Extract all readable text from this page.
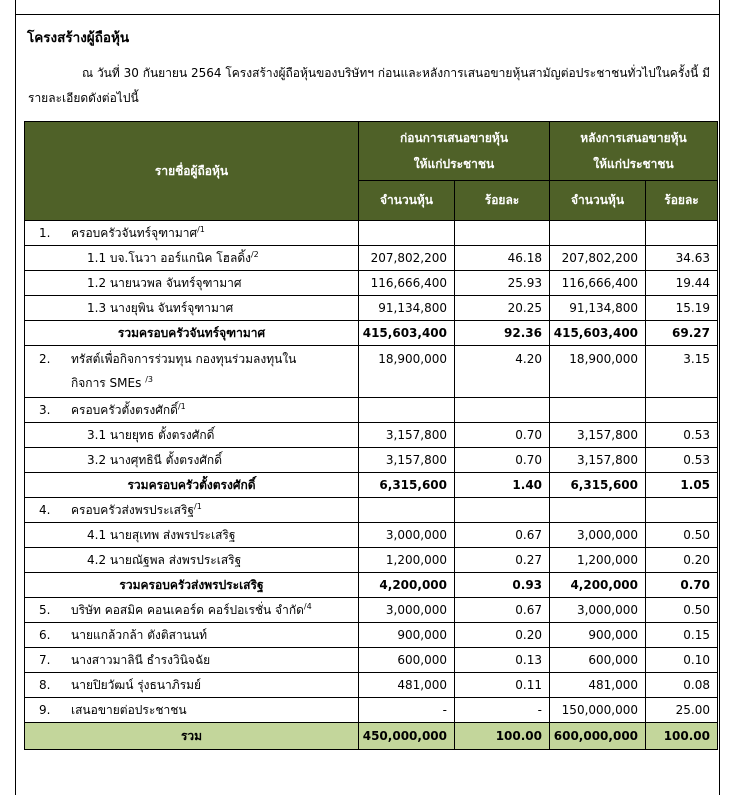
โครงสร้างผู้ถือหุ้น

ณ วันที่ 30 กันยายน 2564 โครงสร้างผู้ถือหุ้นของบริษัทฯ ก่อนและหลังการเสนอขายหุ้นสามัญต่อประชาชนทั่วไปในครั้งนี้ มีรายละเอียดดังต่อไปนี้

รายชื่อผู้ถือหุ้น	ก่อนการเสนอขายหุ้น
ให้แก่ประชาชน		หลังการเสนอขายหุ้น
ให้แก่ประชาชน	
	จำนวนหุ้น	ร้อยละ	จำนวนหุ้น	ร้อยละ
1. ครอบครัวจันทร์จุฑามาศ$^{/1}$				
1.1 บจ.โนวา ออร์แกนิค โฮลดิ้ง$^{/2}$	207,802,200	46.18	207,802,200	34.63
1.2 นายนวพล จันทร์จุฑามาศ	116,666,400	25.93	116,666,400	19.44
1.3 นางยุพิน จันทร์จุฑามาศ	91,134,800	20.25	91,134,800	15.19
รวมครอบครัวจันทร์จุฑามาศ	415,603,400	92.36	415,603,400	69.27
2. ทรัสต์เพื่อกิจการร่วมทุน กองทุนร่วมลงทุนใน
กิจการ SMEs $^{/3}$	18,900,000	4.20	18,900,000	3.15
3. ครอบครัวตั้งตรงศักดิ์$^{/1}$				
3.1 นายยุทธ ตั้งตรงศักดิ์	3,157,800	0.70	3,157,800	0.53
3.2 นางศุทธินี ตั้งตรงศักดิ์	3,157,800	0.70	3,157,800	0.53
รวมครอบครัวตั้งตรงศักดิ์	6,315,600	1.40	6,315,600	1.05
4. ครอบครัวส่งพรประเสริฐ$^{/1}$				
4.1 นายสุเทพ ส่งพรประเสริฐ	3,000,000	0.67	3,000,000	0.50
4.2 นายณัฐพล ส่งพรประเสริฐ	1,200,000	0.27	1,200,000	0.20
รวมครอบครัวส่งพรประเสริฐ	4,200,000	0.93	4,200,000	0.70
5. บริษัท คอสมิค คอนเคอร์ด คอร์ปอเรชั่น จำกัด$^{/4}$	3,000,000	0.67	3,000,000	0.50
6. นายแกล้วกล้า ตังติสานนท์	900,000	0.20	900,000	0.15
7. นางสาวมาลินี ธำรงวินิจฉัย	600,000	0.13	600,000	0.10
8. นายปิยวัฒน์ รุ่งธนาภิรมย์	481,000	0.11	481,000	0.08
9. เสนอขายต่อประชาชน	-	-	150,000,000	25.00
รวม	450,000,000	100.00	600,000,000	100.00
